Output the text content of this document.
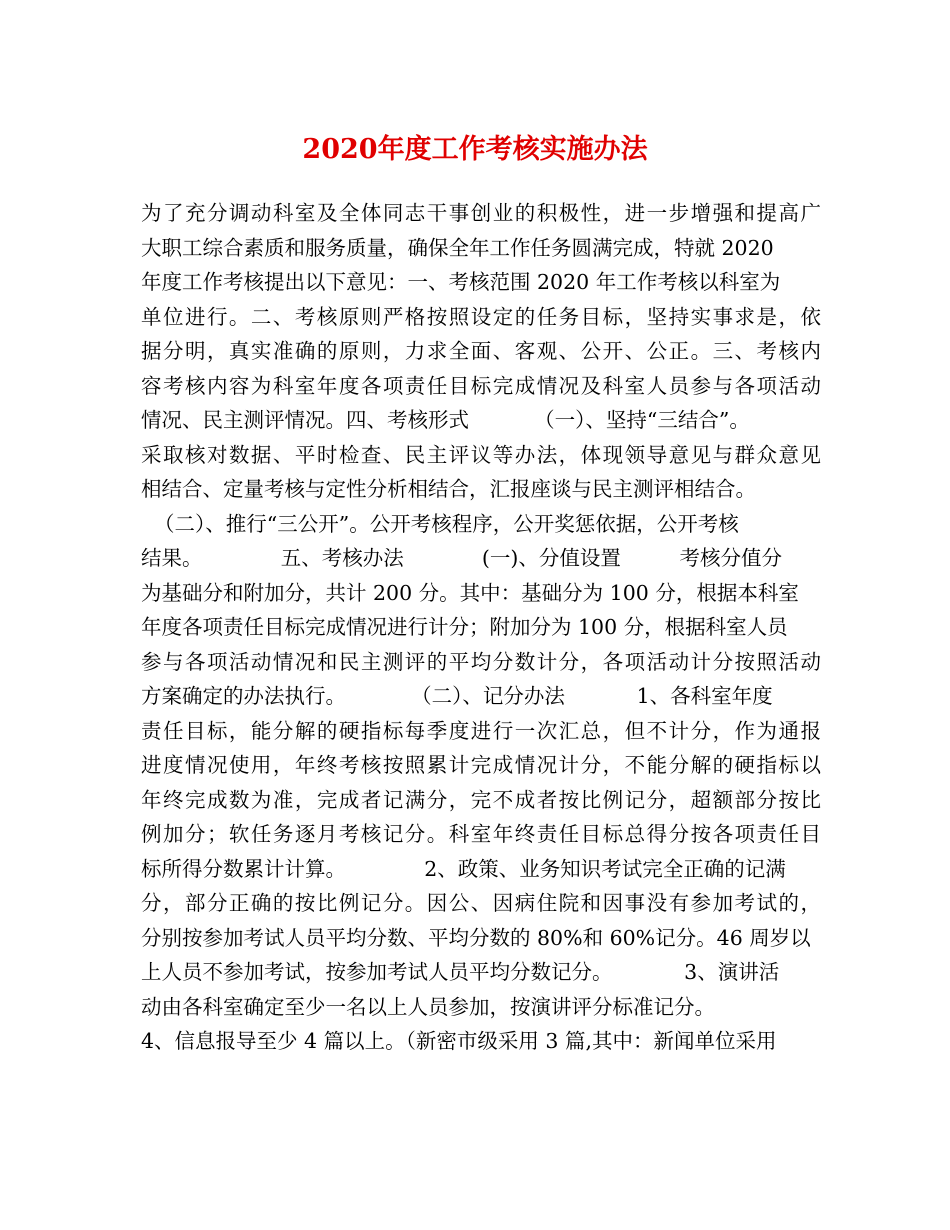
2020年度工作考核实施办法
为了充分调动科室及全体同志干事创业的积极性，进一步增强和提高广
大职工综合素质和服务质量，确保全年工作任务圆满完成，特就 2020
年度工作考核提出以下意见：一、考核范围 2020 年工作考核以科室为
单位进行。二、考核原则严格按照设定的任务目标，坚持实事求是，依
据分明，真实准确的原则，力求全面、客观、公开、公正。三、考核内
容考核内容为科室年度各项责任目标完成情况及科室人员参与各项活动
情况、民主测评情况。四、考核形式          （一）、坚持“三结合”。
采取核对数据、平时检查、民主评议等办法，体现领导意见与群众意见
相结合、定量考核与定性分析相结合，汇报座谈与民主测评相结合。
（二）、推行“三公开”。公开考核程序，公开奖惩依据，公开考核
结果。            五、考核办法            (一)、分值设置         考核分值分
为基础分和附加分，共计 200 分。其中：基础分为 100 分，根据本科室
年度各项责任目标完成情况进行计分；附加分为 100 分，根据科室人员
参与各项活动情况和民主测评的平均分数计分，各项活动计分按照活动
方案确定的办法执行。          （二）、记分办法           1、各科室年度
责任目标，能分解的硬指标每季度进行一次汇总，但不计分，作为通报
进度情况使用，年终考核按照累计完成情况计分，不能分解的硬指标以
年终完成数为准，完成者记满分，完不成者按比例记分，超额部分按比
例加分；软任务逐月考核记分。科室年终责任目标总得分按各项责任目
标所得分数累计计算。            2、政策、业务知识考试完全正确的记满
分，部分正确的按比例记分。因公、因病住院和因事没有参加考试的，
分别按参加考试人员平均分数、平均分数的 80%和 60%记分。46 周岁以
上人员不参加考试，按参加考试人员平均分数记分。           3、演讲活
动由各科室确定至少一名以上人员参加，按演讲评分标准记分。
4、信息报导至少 4 篇以上。（新密市级采用 3 篇,其中：新闻单位采用
